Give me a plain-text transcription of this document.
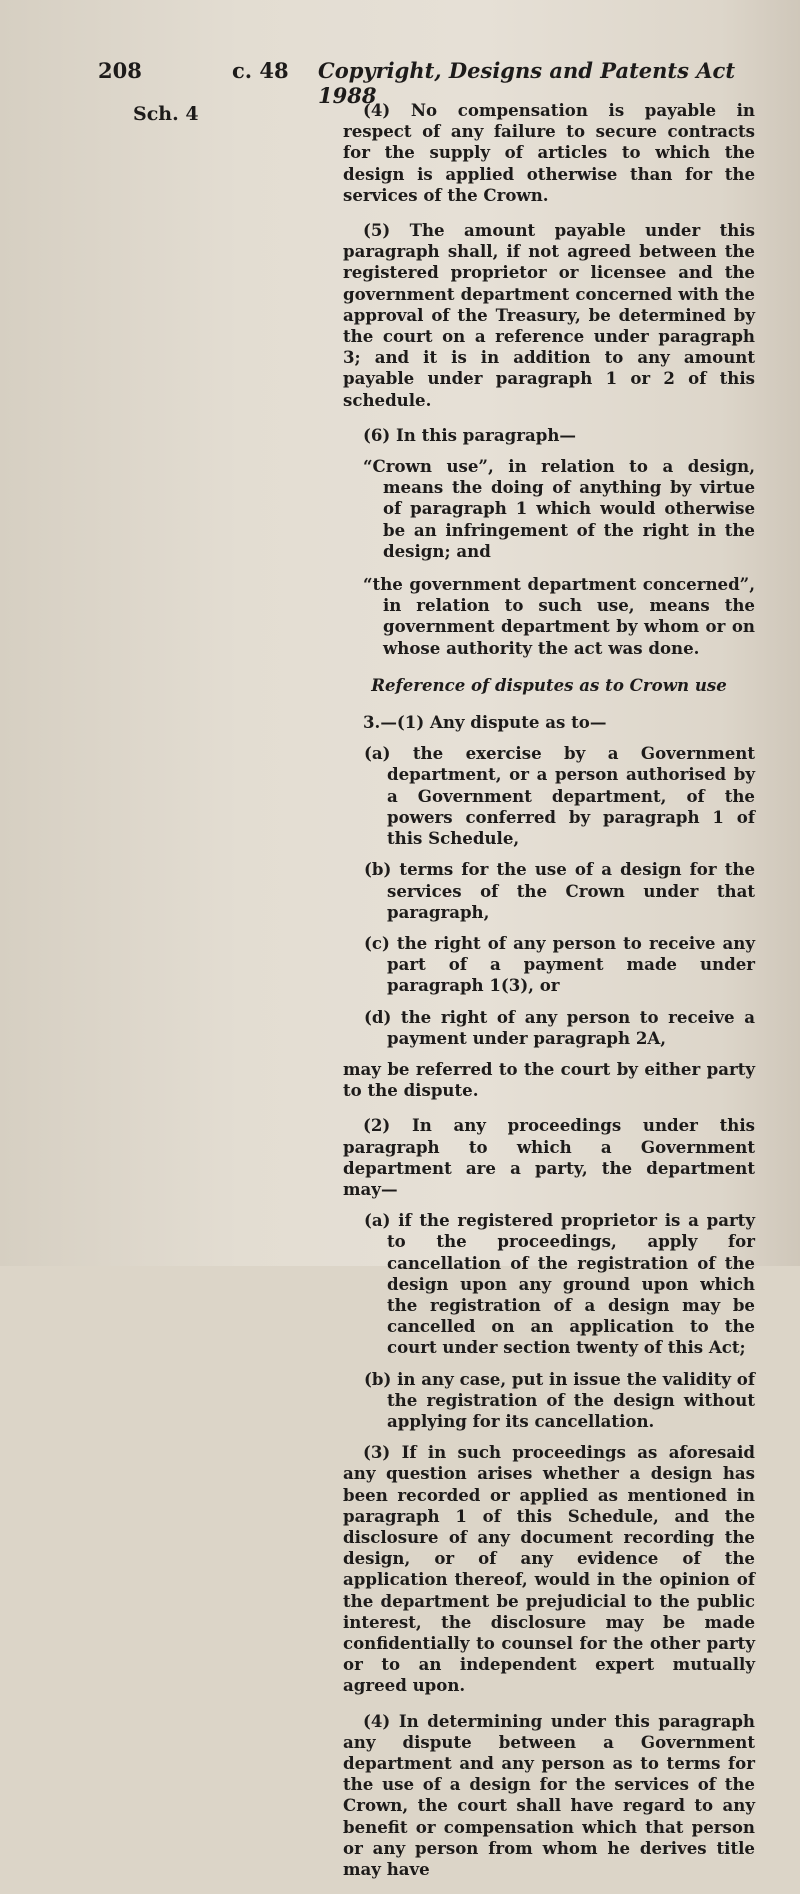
208	c. 48 Copyright, Designs and Patents Act 1988
Sch. 4	(4) No compensation is payable in respect of any failure to secure contracts for the supply of articles to which the design is applied otherwise than for the services of the Crown.

(5) The amount payable under this paragraph shall, if not agreed between the registered proprietor or licensee and the government department concerned with the approval of the Treasury, be determined by the court on a reference under paragraph 3; and it is in addition to any amount payable under paragraph 1 or 2 of this schedule.

(6) In this paragraph—

“Crown use”, in relation to a design, means the doing of anything by virtue of paragraph 1 which would otherwise be an infringement of the right in the design; and

“the government department concerned”, in relation to such use, means the government department by whom or on whose authority the act was done.

Reference of disputes as to Crown use

3.—(1) Any dispute as to—

(a) the exercise by a Government department, or a person authorised by a Government department, of the powers conferred by paragraph 1 of this Schedule,

(b) terms for the use of a design for the services of the Crown under that paragraph,

(c) the right of any person to receive any part of a payment made under paragraph 1(3), or

(d) the right of any person to receive a payment under paragraph 2A,

may be referred to the court by either party to the dispute.

(2) In any proceedings under this paragraph to which a Government department are a party, the department may—

(a) if the registered proprietor is a party to the proceedings, apply for cancellation of the registration of the design upon any ground upon which the registration of a design may be cancelled on an application to the court under section twenty of this Act;

(b) in any case, put in issue the validity of the registration of the design without applying for its cancellation.

(3) If in such proceedings as aforesaid any question arises whether a design has been recorded or applied as mentioned in paragraph 1 of this Schedule, and the disclosure of any document recording the design, or of any evidence of the application thereof, would in the opinion of the department be prejudicial to the public interest, the disclosure may be made confidentially to counsel for the other party or to an independent expert mutually agreed upon.

(4) In determining under this paragraph any dispute between a Government department and any person as to terms for the use of a design for the services of the Crown, the court shall have regard to any benefit or compensation which that person or any person from whom he derives title may have
